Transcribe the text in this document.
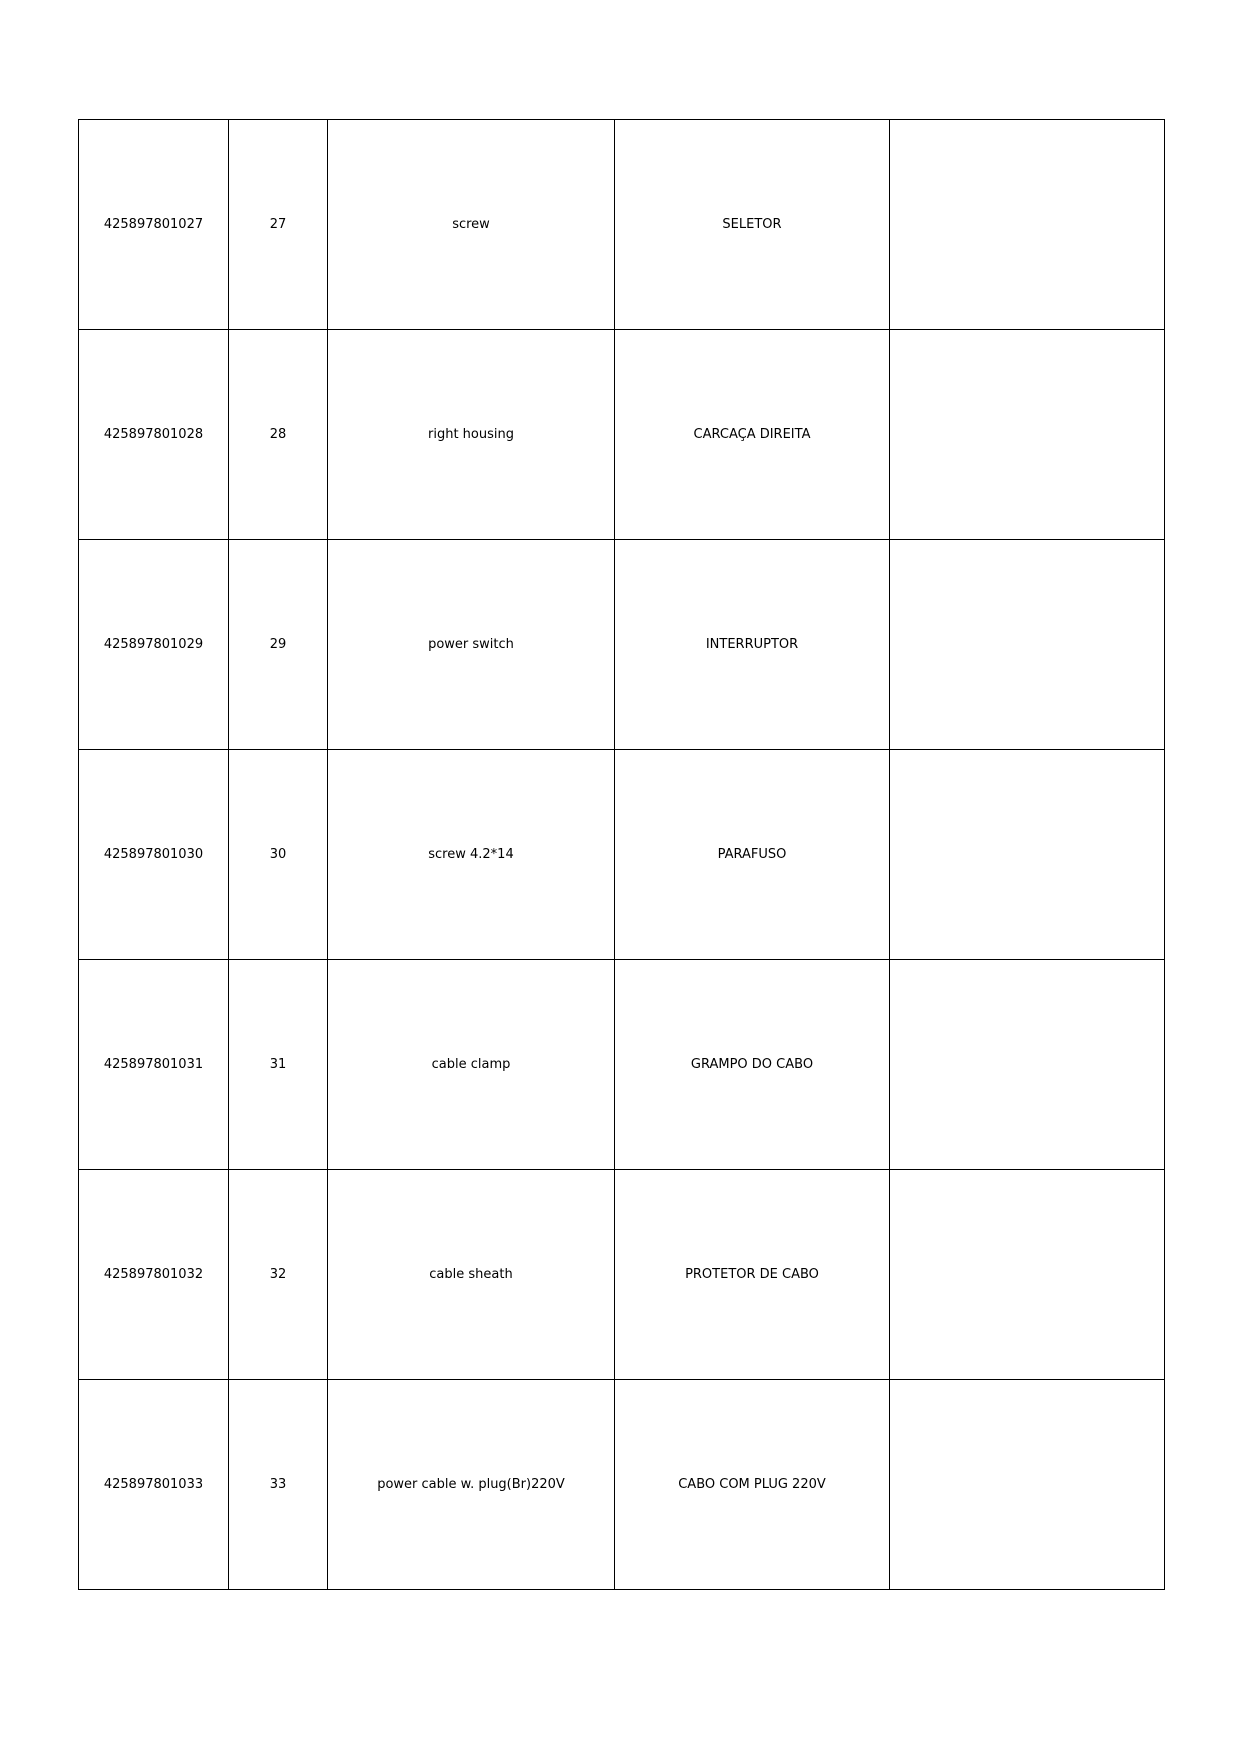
425897801027	27	screw	SELETOR	
425897801028	28	right housing	CARCAÇA DIREITA	
425897801029	29	power switch	INTERRUPTOR	
425897801030	30	screw 4.2*14	PARAFUSO	
425897801031	31	cable clamp	GRAMPO DO CABO	
425897801032	32	cable sheath	PROTETOR DE CABO	
425897801033	33	power cable w. plug(Br)220V	CABO COM PLUG 220V	
